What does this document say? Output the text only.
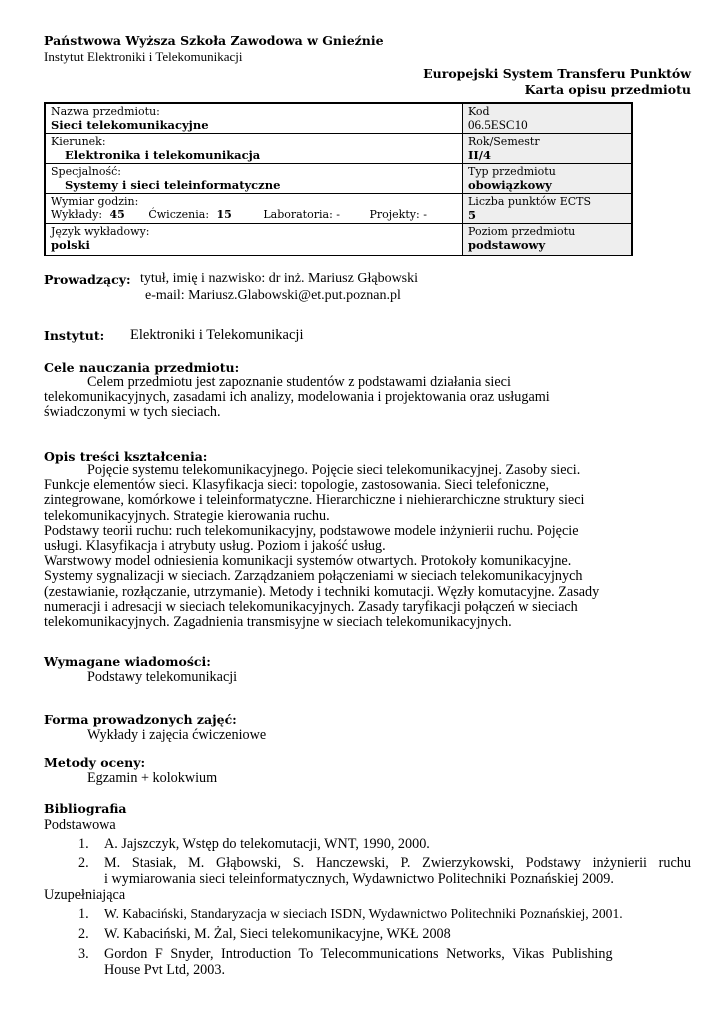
Państwowa Wyższa Szkoła Zawodowa w Gnieźnie
Instytut Elektroniki i Telekomunikacji
Europejski System Transferu Punktów
Karta opisu przedmiotu
Nazwa przedmiotu:
Sieci telekomunikacyjne
Kod
06.5ESC10
Kierunek:
Elektronika i telekomunikacja
Rok/Semestr
II/4
Specjalność:
Systemy i sieci teleinformatyczne
Typ przedmiotu
obowiązkowy
Wymiar godzin:
Wykłady: 45 Ćwiczenia: 15	Laboratoria: -	Projekty: -
Liczba punktów ECTS
5
Język wykładowy:
polski
Poziom przedmiotu
podstawowy
Prowadzący: tytuł, imię i nazwisko: dr inż. Mariusz Głąbowski
e-mail: Mariusz.Glabowski@et.put.poznan.pl
Instytut: Elektroniki i Telekomunikacji
Cele nauczania przedmiotu:
Celem przedmiotu jest zapoznanie studentów z podstawami działania sieci
telekomunikacyjnych, zasadami ich analizy, modelowania i projektowania oraz usługami
świadczonymi w tych sieciach.
Opis treści kształcenia:
Pojęcie systemu telekomunikacyjnego. Pojęcie sieci telekomunikacyjnej. Zasoby sieci.
Funkcje elementów sieci. Klasyfikacja sieci: topologie, zastosowania. Sieci telefoniczne,
zintegrowane, komórkowe i teleinformatyczne. Hierarchiczne i niehierarchiczne struktury sieci
telekomunikacyjnych. Strategie kierowania ruchu.
Podstawy teorii ruchu: ruch telekomunikacyjny, podstawowe modele inżynierii ruchu. Pojęcie
usługi. Klasyfikacja i atrybuty usług. Poziom i jakość usług.
Warstwowy model odniesienia komunikacji systemów otwartych. Protokoły komunikacyjne.
Systemy sygnalizacji w sieciach. Zarządzaniem połączeniami w sieciach telekomunikacyjnych
(zestawianie, rozłączanie, utrzymanie). Metody i techniki komutacji. Węzły komutacyjne. Zasady
numeracji i adresacji w sieciach telekomunikacyjnych. Zasady taryfikacji połączeń w sieciach
telekomunikacyjnych. Zagadnienia transmisyjne w sieciach telekomunikacyjnych.
Wymagane wiadomości:
Podstawy telekomunikacji
Forma prowadzonych zajęć:
Wykłady i zajęcia ćwiczeniowe
Metody oceny:
Egzamin + kolokwium
Bibliografia
Podstawowa
1. A. Jajszczyk, Wstęp do telekomutacji, WNT, 1990, 2000.
2. M. Stasiak, M. Głąbowski, S. Hanczewski, P. Zwierzykowski, Podstawy inżynierii ruchu
i wymiarowania sieci teleinformatycznych, Wydawnictwo Politechniki Poznańskiej 2009.
Uzupełniająca
1. W. Kabaciński, Standaryzacja w sieciach ISDN, Wydawnictwo Politechniki Poznańskiej, 2001.
2. W. Kabaciński, M. Żal, Sieci telekomunikacyjne, WKŁ 2008
3. Gordon F Snyder, Introduction To Telecommunications Networks, Vikas Publishing
House Pvt Ltd, 2003.
